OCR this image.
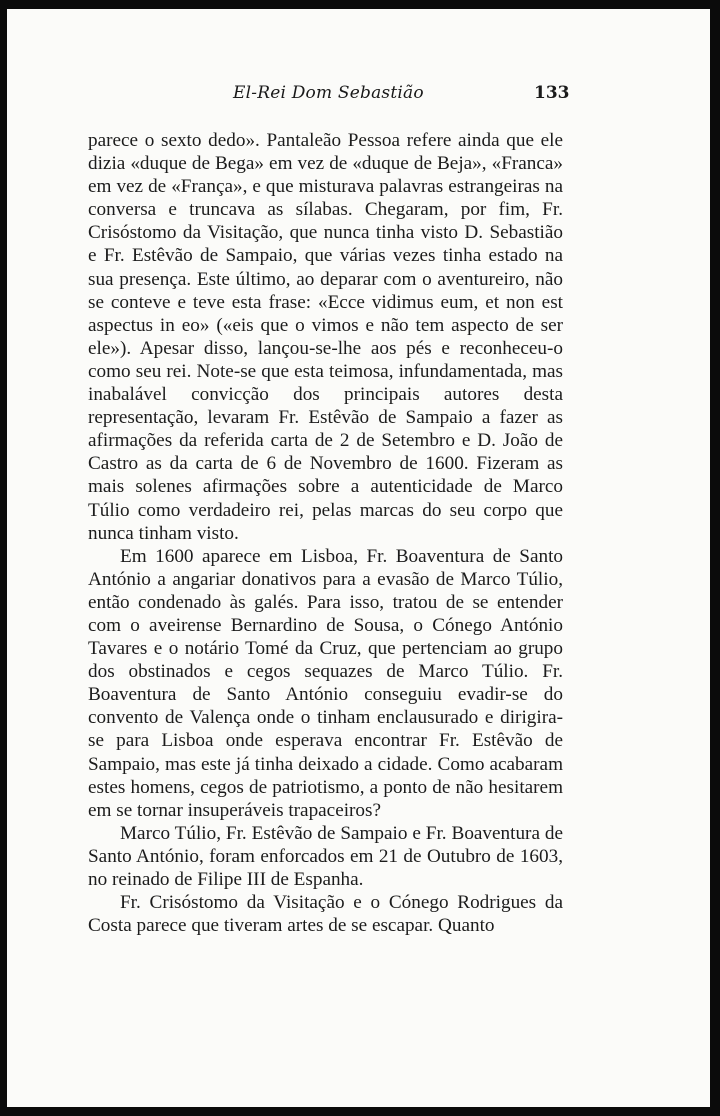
El-Rei Dom Sebastião	133

parece o sexto dedo». Pantaleão Pessoa refere ainda que ele dizia «duque de Bega» em vez de «duque de Beja», «Franca» em vez de «França», e que misturava palavras estrangeiras na conversa e truncava as sílabas. Chegaram, por fim, Fr. Crisóstomo da Visitação, que nunca tinha visto D. Sebastião e Fr. Estêvão de Sampaio, que várias vezes tinha estado na sua presença. Este último, ao deparar com o aventureiro, não se conteve e teve esta frase: «Ecce vidimus eum, et non est aspectus in eo» («eis que o vimos e não tem aspecto de ser ele»). Apesar disso, lançou-se-lhe aos pés e reconheceu-o como seu rei. Note-se que esta teimosa, infundamentada, mas inabalável convicção dos principais autores desta representação, levaram Fr. Estêvão de Sampaio a fazer as afirmações da referida carta de 2 de Setembro e D. João de Castro as da carta de 6 de Novembro de 1600. Fizeram as mais solenes afirmações sobre a autenticidade de Marco Túlio como verdadeiro rei, pelas marcas do seu corpo que nunca tinham visto.

Em 1600 aparece em Lisboa, Fr. Boaventura de Santo António a angariar donativos para a evasão de Marco Túlio, então condenado às galés. Para isso, tratou de se entender com o aveirense Bernardino de Sousa, o Cónego António Tavares e o notário Tomé da Cruz, que pertenciam ao grupo dos obstinados e cegos sequazes de Marco Túlio. Fr. Boaventura de Santo António conseguiu evadir-se do convento de Valença onde o tinham enclausurado e dirigira-se para Lisboa onde esperava encontrar Fr. Estêvão de Sampaio, mas este já tinha deixado a cidade. Como acabaram estes homens, cegos de patriotismo, a ponto de não hesitarem em se tornar insuperáveis trapaceiros?

Marco Túlio, Fr. Estêvão de Sampaio e Fr. Boaventura de Santo António, foram enforcados em 21 de Outubro de 1603, no reinado de Filipe III de Espanha.

Fr. Crisóstomo da Visitação e o Cónego Rodrigues da Costa parece que tiveram artes de se escapar. Quanto
